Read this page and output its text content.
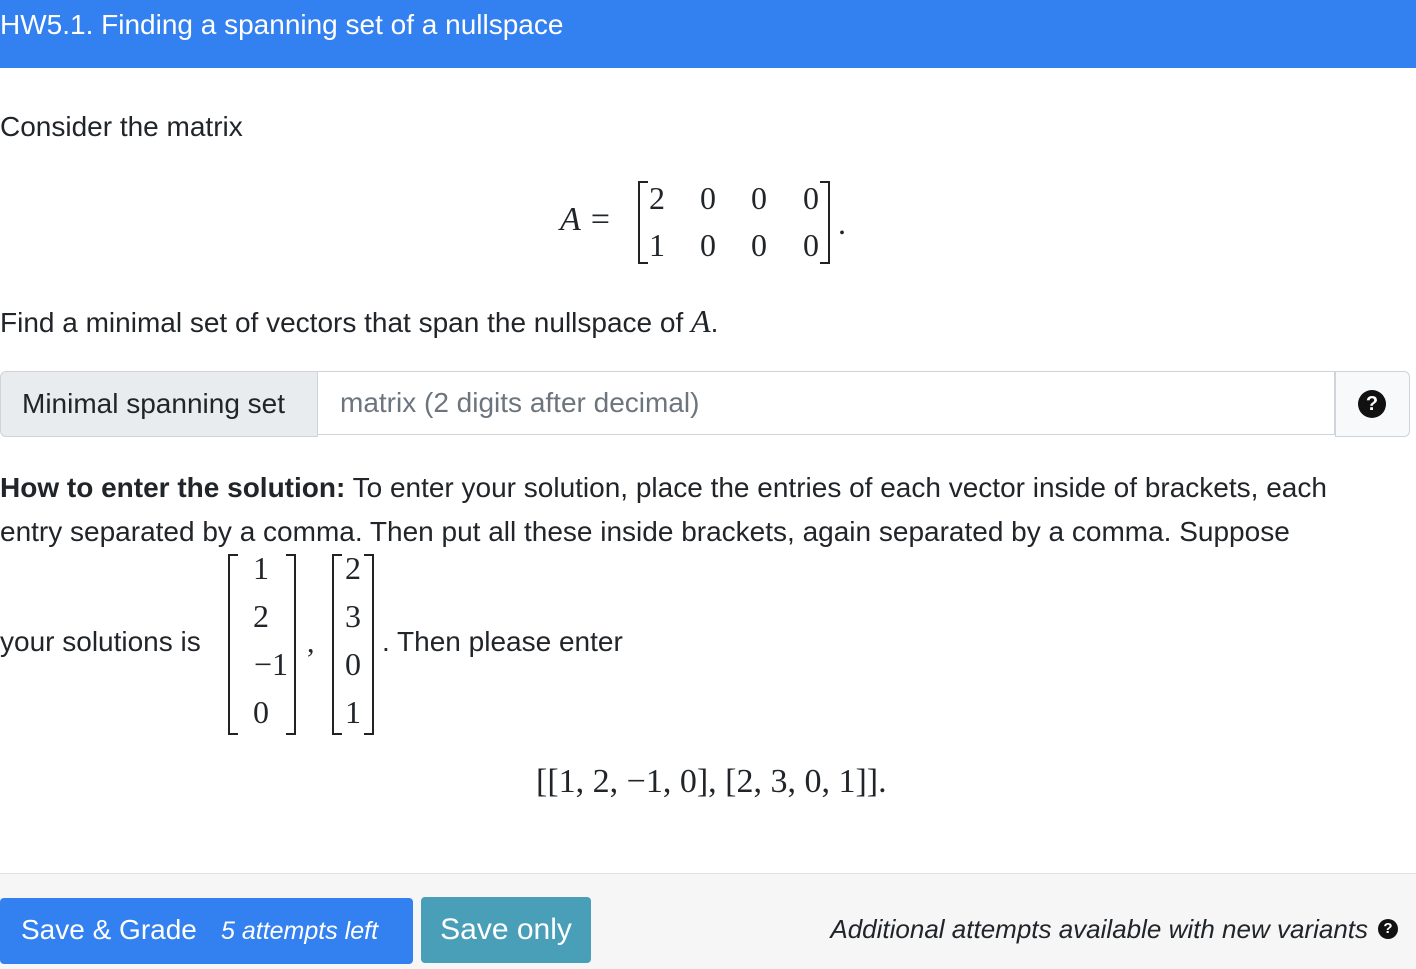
HW5.1. Finding a spanning set of a nullspace
Consider the matrix
A =
2 0 0 0
1 0 0 0
.
Find a minimal set of vectors that span the nullspace of A.
Minimal spanning set
matrix (2 digits after decimal)	?
How to enter the solution: To enter your solution, place the entries of each vector inside of brackets, each
entry separated by a comma. Then put all these inside brackets, again separated by a comma. Suppose
your solutions is
1
2
−1
0
,
2
3
0
1
. Then please enter
[[1, 2, −1, 0], [2, 3, 0, 1]].
Save & Grade 5 attempts left	Save only	Additional attempts available with new variants	?
